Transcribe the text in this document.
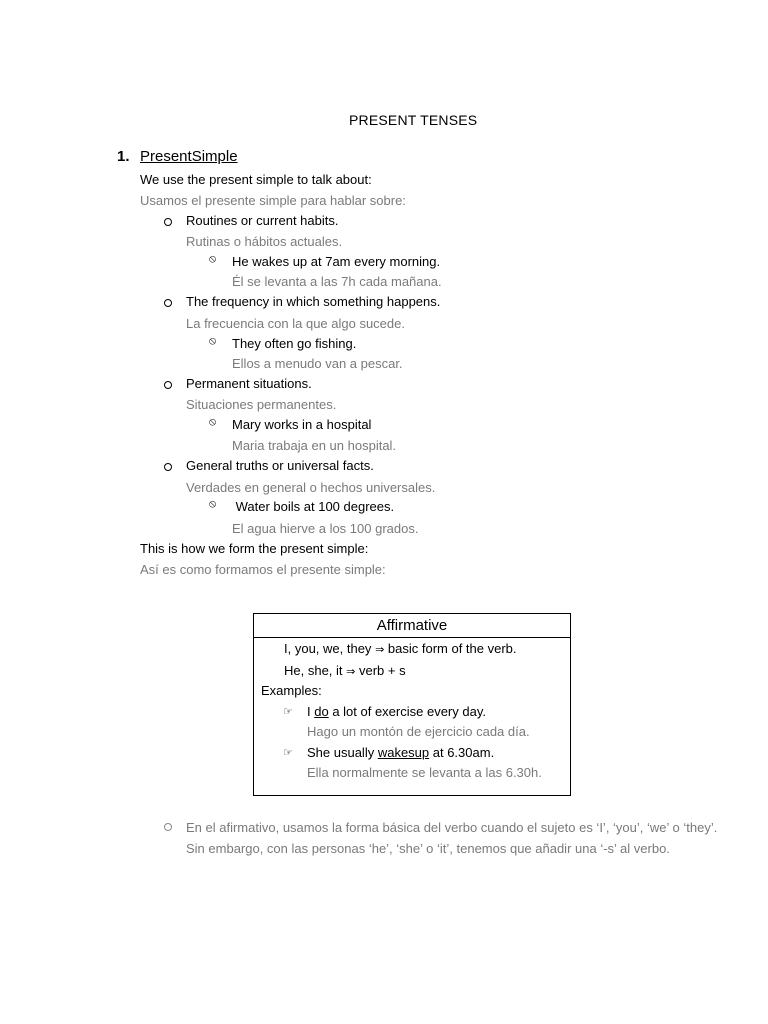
PRESENT TENSES
1. PresentSimple
We use the present simple to talk about:
Usamos el presente simple para hablar sobre:
Routines or current habits.
Rutinas o hábitos actuales.
⦸ He wakes up at 7am every morning.
Él se levanta a las 7h cada mañana.
The frequency in which something happens.
La frecuencia con la que algo sucede.
⦸ They often go fishing.
Ellos a menudo van a pescar.
Permanent situations.
Situaciones permanentes.
⦸ Mary works in a hospital
Maria trabaja en un hospital.
General truths or universal facts.
Verdades en general o hechos universales.
⦸ Water boils at 100 degrees.
El agua hierve a los 100 grados.
This is how we form the present simple:
Así es como formamos el presente simple:
Affirmative
I, you, we, they ⇒ basic form of the verb.
He, she, it ⇒ verb + s
Examples:
☞ I do a lot of exercise every day.
Hago un montón de ejercicio cada día.
☞ She usually wakesup at 6.30am.
Ella normalmente se levanta a las 6.30h.
En el afirmativo, usamos la forma básica del verbo cuando el sujeto es ‘I’, ‘you’, ‘we’ o ‘they’. Sin embargo, con las personas ‘he’, ‘she’ o ‘it’, tenemos que añadir una ‘-s’ al verbo.
